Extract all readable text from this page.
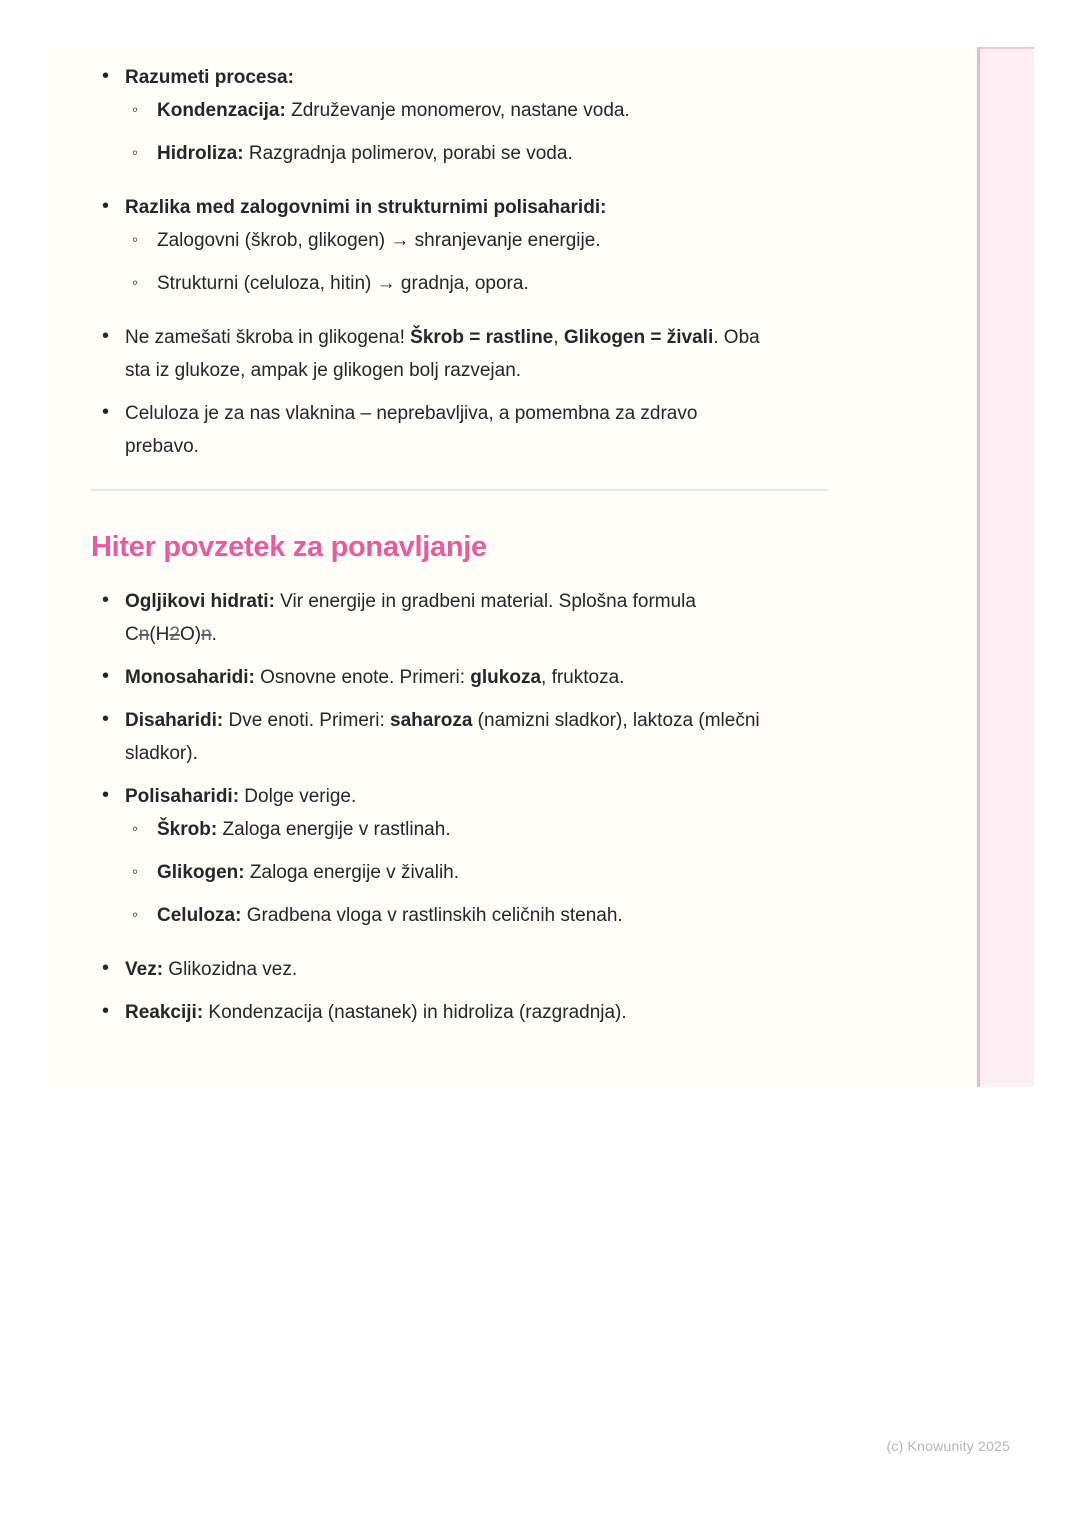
• Razumeti procesa:
◦ Kondenzacija: Združevanje monomerov, nastane voda.
◦ Hidroliza: Razgradnja polimerov, porabi se voda.
• Razlika med zalogovnimi in strukturnimi polisaharidi:
◦ Zalogovni (škrob, glikogen) → shranjevanje energije.
◦ Strukturni (celuloza, hitin) → gradnja, opora.
• Ne zamešati škroba in glikogena! Škrob = rastline, Glikogen = živali. Oba
sta iz glukoze, ampak je glikogen bolj razvejan.
• Celuloza je za nas vlaknina – neprebavljiva, a pomembna za zdravo
prebavo.
Hiter povzetek za ponavljanje
• Ogljikovi hidrati: Vir energije in gradbeni material. Splošna formula
Cn(H2O)n.
• Monosaharidi: Osnovne enote. Primeri: glukoza, fruktoza.
• Disaharidi: Dve enoti. Primeri: saharoza (namizni sladkor), laktoza (mlečni
sladkor).
• Polisaharidi: Dolge verige.
◦ Škrob: Zaloga energije v rastlinah.
◦ Glikogen: Zaloga energije v živalih.
◦ Celuloza: Gradbena vloga v rastlinskih celičnih stenah.
• Vez: Glikozidna vez.
• Reakciji: Kondenzacija (nastanek) in hidroliza (razgradnja).
(c) Knowunity 2025
